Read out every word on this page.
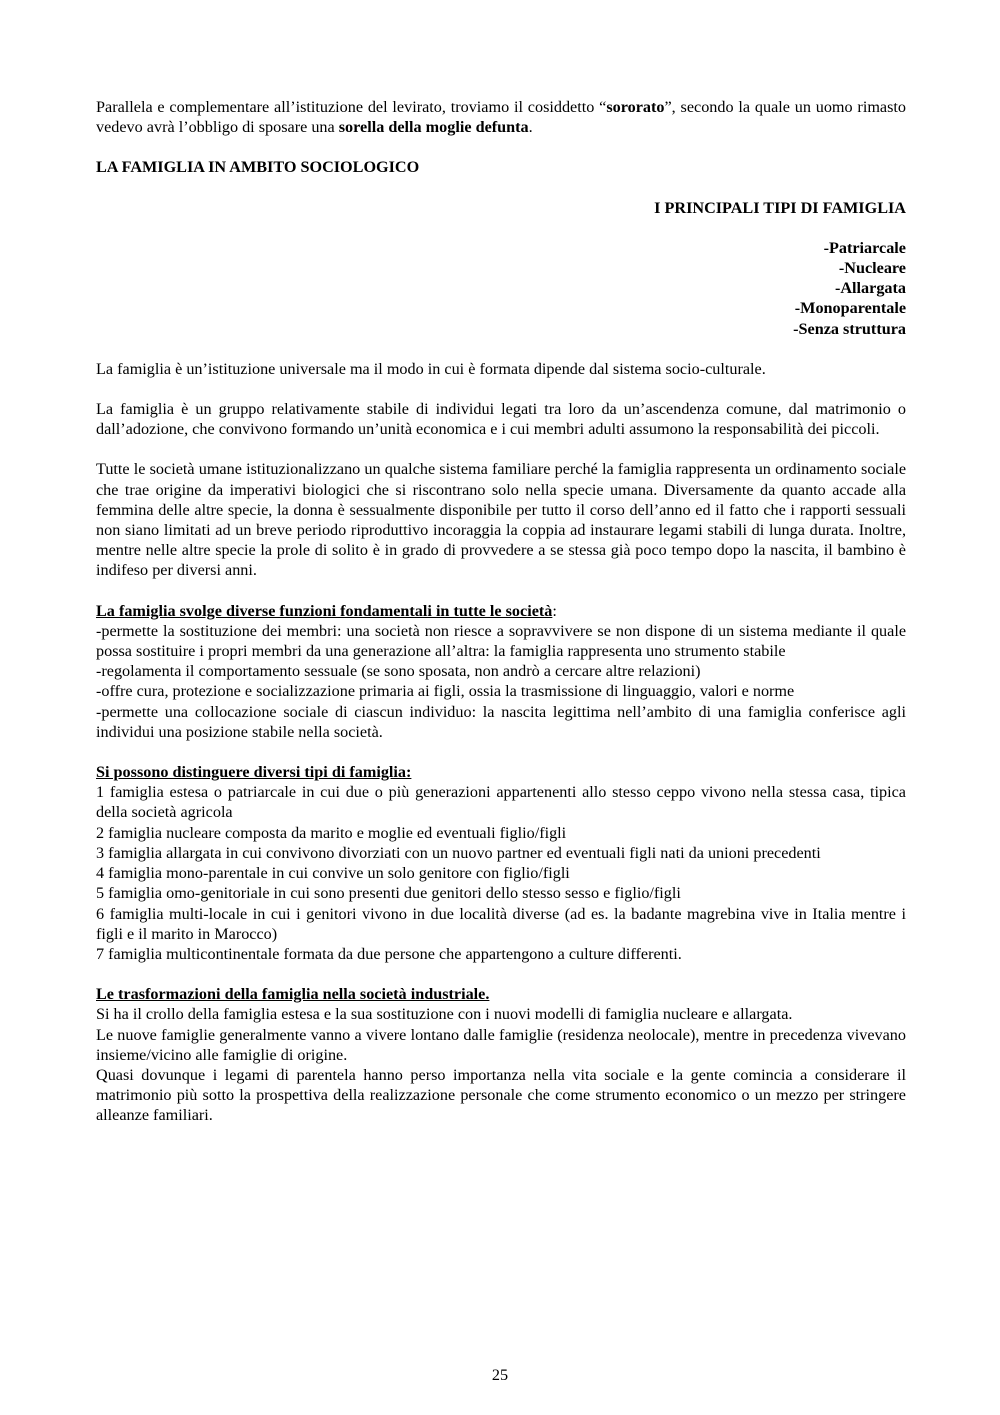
Parallela e complementare all’istituzione del levirato, troviamo il cosiddetto “sororato”, secondo la quale un uomo rimasto vedevo avrà l’obbligo di sposare una sorella della moglie defunta.

LA FAMIGLIA IN AMBITO SOCIOLOGICO

I PRINCIPALI TIPI DI FAMIGLIA

-Patriarcale

-Nucleare

-Allargata

-Monoparentale

-Senza struttura

La famiglia è un’istituzione universale ma il modo in cui è formata dipende dal sistema socio-culturale.

La famiglia è un gruppo relativamente stabile di individui legati tra loro da un’ascendenza comune, dal matrimonio o dall’adozione, che convivono formando un’unità economica e i cui membri adulti assumono la responsabilità dei piccoli.

Tutte le società umane istituzionalizzano un qualche sistema familiare perché la famiglia rappresenta un ordinamento sociale che trae origine da imperativi biologici che si riscontrano solo nella specie umana. Diversamente da quanto accade alla femmina delle altre specie, la donna è sessualmente disponibile per tutto il corso dell’anno ed il fatto che i rapporti sessuali non siano limitati ad un breve periodo riproduttivo incoraggia la coppia ad instaurare legami stabili di lunga durata. Inoltre, mentre nelle altre specie la prole di solito è in grado di provvedere a se stessa già poco tempo dopo la nascita, il bambino è indifeso per diversi anni.

La famiglia svolge diverse funzioni fondamentali in tutte le società:

-permette la sostituzione dei membri: una società non riesce a sopravvivere se non dispone di un sistema mediante il quale possa sostituire i propri membri da una generazione all’altra: la famiglia rappresenta uno strumento stabile

-regolamenta il comportamento sessuale (se sono sposata, non andrò a cercare altre relazioni)

-offre cura, protezione e socializzazione primaria ai figli, ossia la trasmissione di linguaggio, valori e norme

-permette una collocazione sociale di ciascun individuo: la nascita legittima nell’ambito di una famiglia conferisce agli individui una posizione stabile nella società.

Si possono distinguere diversi tipi di famiglia:

1 famiglia estesa o patriarcale in cui due o più generazioni appartenenti allo stesso ceppo vivono nella stessa casa, tipica della società agricola

2 famiglia nucleare composta da marito e moglie ed eventuali figlio/figli

3 famiglia allargata in cui convivono divorziati con un nuovo partner ed eventuali figli nati da unioni precedenti

4 famiglia mono-parentale in cui convive un solo genitore con figlio/figli

5 famiglia omo-genitoriale in cui sono presenti due genitori dello stesso sesso e figlio/figli

6 famiglia multi-locale in cui i genitori vivono in due località diverse (ad es. la badante magrebina vive in Italia mentre i figli e il marito in Marocco)

7 famiglia multicontinentale formata da due persone che appartengono a culture differenti.

Le trasformazioni della famiglia nella società industriale.

Si ha il crollo della famiglia estesa e la sua sostituzione con i nuovi modelli di famiglia nucleare e allargata.

Le nuove famiglie generalmente vanno a vivere lontano dalle famiglie (residenza neolocale), mentre in precedenza vivevano insieme/vicino alle famiglie di origine.

Quasi dovunque i legami di parentela hanno perso importanza nella vita sociale e la gente comincia a considerare il matrimonio più sotto la prospettiva della realizzazione personale che come strumento economico o un mezzo per stringere alleanze familiari.

25
